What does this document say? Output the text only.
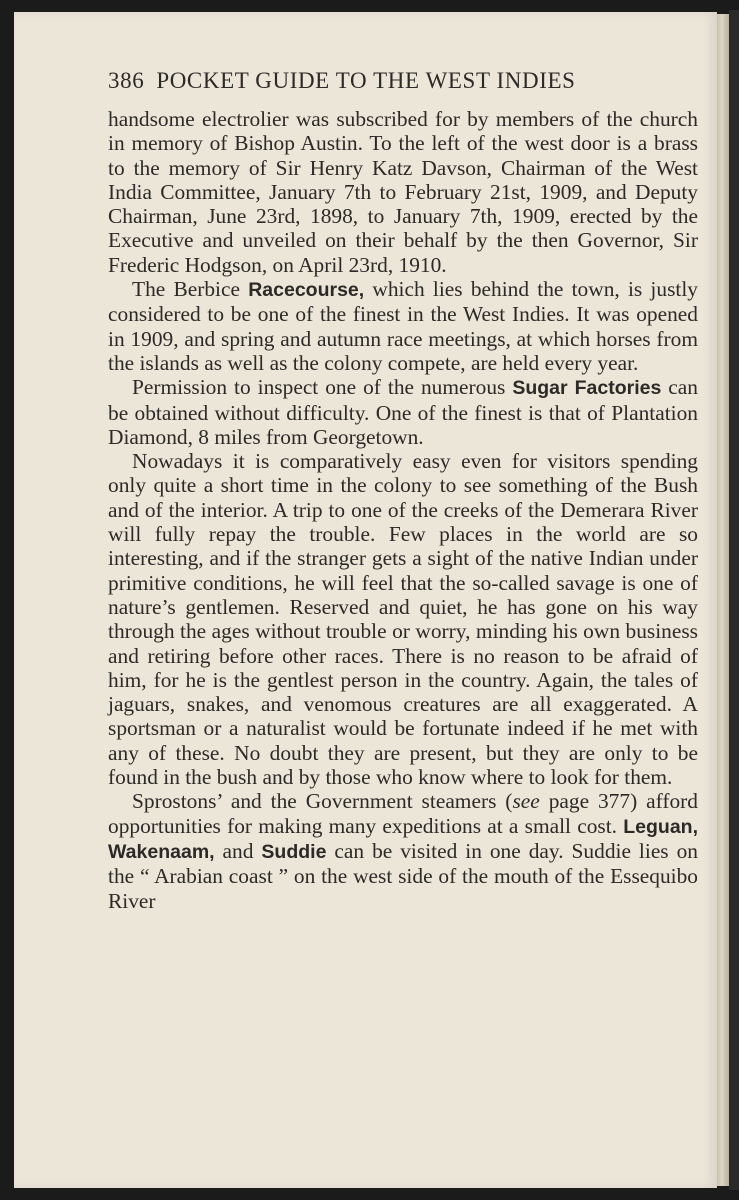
386 POCKET GUIDE TO THE WEST INDIES

handsome electrolier was subscribed for by members of the church in memory of Bishop Austin. To the left of the west door is a brass to the memory of Sir Henry Katz Davson, Chairman of the West India Committee, January 7th to February 21st, 1909, and Deputy Chairman, June 23rd, 1898, to January 7th, 1909, erected by the Executive and unveiled on their behalf by the then Governor, Sir Frederic Hodgson, on April 23rd, 1910.

The Berbice Racecourse, which lies behind the town, is justly considered to be one of the finest in the West Indies. It was opened in 1909, and spring and autumn race meetings, at which horses from the islands as well as the colony compete, are held every year.

Permission to inspect one of the numerous Sugar Factories can be obtained without difficulty. One of the finest is that of Plantation Diamond, 8 miles from Georgetown.

Nowadays it is comparatively easy even for visitors spending only quite a short time in the colony to see something of the Bush and of the interior. A trip to one of the creeks of the Demerara River will fully repay the trouble. Few places in the world are so interesting, and if the stranger gets a sight of the native Indian under primitive conditions, he will feel that the so-called savage is one of nature’s gentlemen. Reserved and quiet, he has gone on his way through the ages without trouble or worry, minding his own business and retiring before other races. There is no reason to be afraid of him, for he is the gentlest person in the country. Again, the tales of jaguars, snakes, and venomous creatures are all exaggerated. A sportsman or a naturalist would be fortunate indeed if he met with any of these. No doubt they are present, but they are only to be found in the bush and by those who know where to look for them.

Sprostons’ and the Government steamers (see page 377) afford opportunities for making many expeditions at a small cost. Leguan, Wakenaam, and Suddie can be visited in one day. Suddie lies on the “ Arabian coast ” on the west side of the mouth of the Essequibo River
